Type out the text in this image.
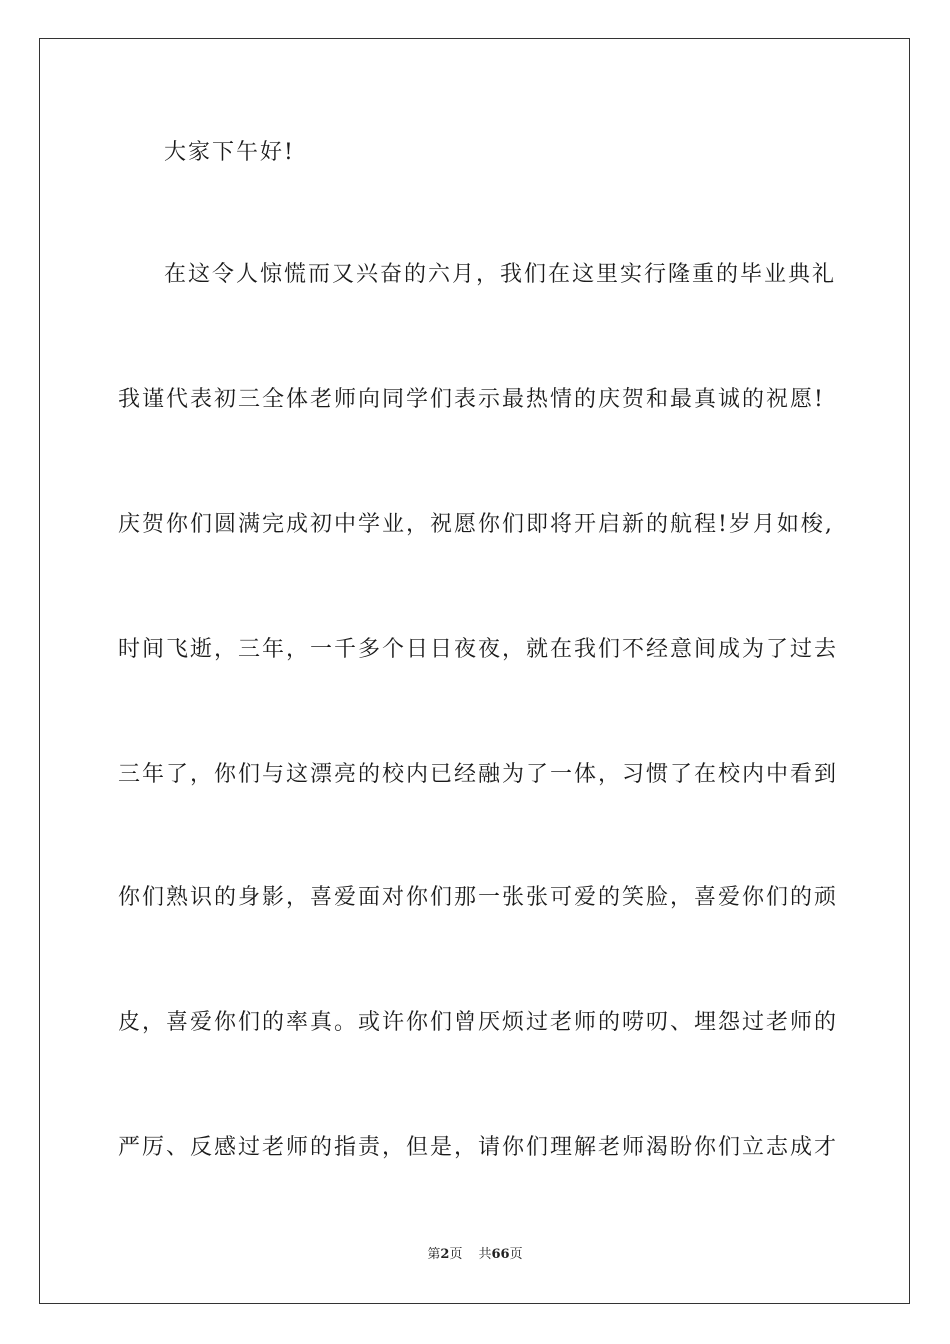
大家下午好!
在这令人惊慌而又兴奋的六月，我们在这里实行隆重的毕业典礼
我谨代表初三全体老师向同学们表示最热情的庆贺和最真诚的祝愿!
庆贺你们圆满完成初中学业，祝愿你们即将开启新的航程!岁月如梭,
时间飞逝，三年，一千多个日日夜夜，就在我们不经意间成为了过去
三年了，你们与这漂亮的校内已经融为了一体，习惯了在校内中看到
你们熟识的身影，喜爱面对你们那一张张可爱的笑脸，喜爱你们的顽
皮，喜爱你们的率真。或许你们曾厌烦过老师的唠叨、埋怨过老师的
严厉、反感过老师的指责，但是，请你们理解老师渴盼你们立志成才
第2页 共66页
